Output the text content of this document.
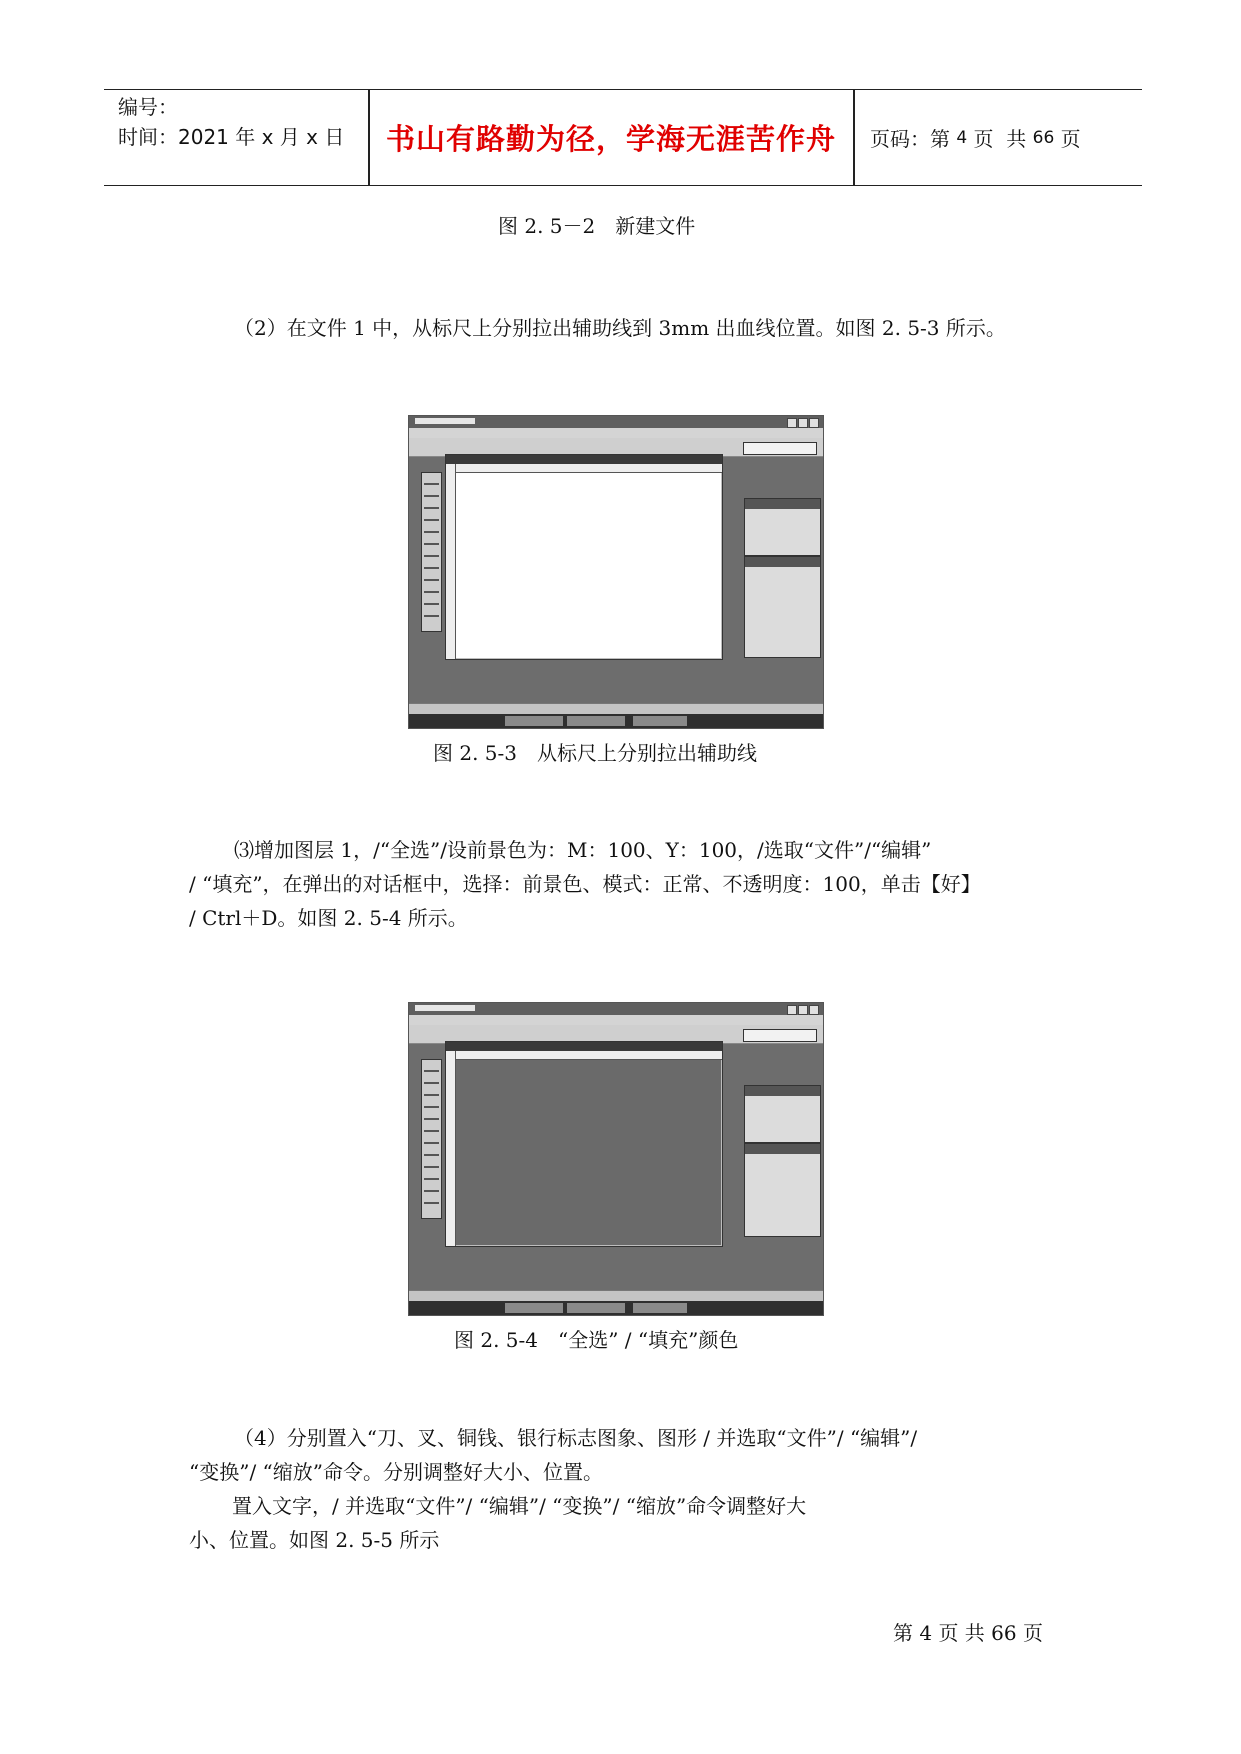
编号：
时间：2021 年 x 月 x 日	书山有路勤为径，学海无涯苦作舟	页码：第 4 页  共 66 页
图 2. 5－2　新建文件
（2）在文件 1 中，从标尺上分别拉出辅助线到 3mm 出血线位置。如图 2. 5-3 所示。
图 2. 5-3　从标尺上分别拉出辅助线
⑶增加图层 1，/“全选”/设前景色为：M：100、Y：100，/选取“文件”/“编辑”
/ “填充”，在弹出的对话框中，选择：前景色、模式：正常、不透明度：100，单击【好】
/ Ctrl＋D。如图 2. 5-4 所示。
图 2. 5-4　“全选” / “填充”颜色
（4）分别置入“刀、叉、铜钱、银行标志图象、图形 / 并选取“文件”/ “编辑”/
“变换”/ “缩放”命令。分别调整好大小、位置。
置入文字，/ 并选取“文件”/ “编辑”/ “变换”/ “缩放”命令调整好大
小、位置。如图 2. 5-5 所示
第 4 页 共 66 页
